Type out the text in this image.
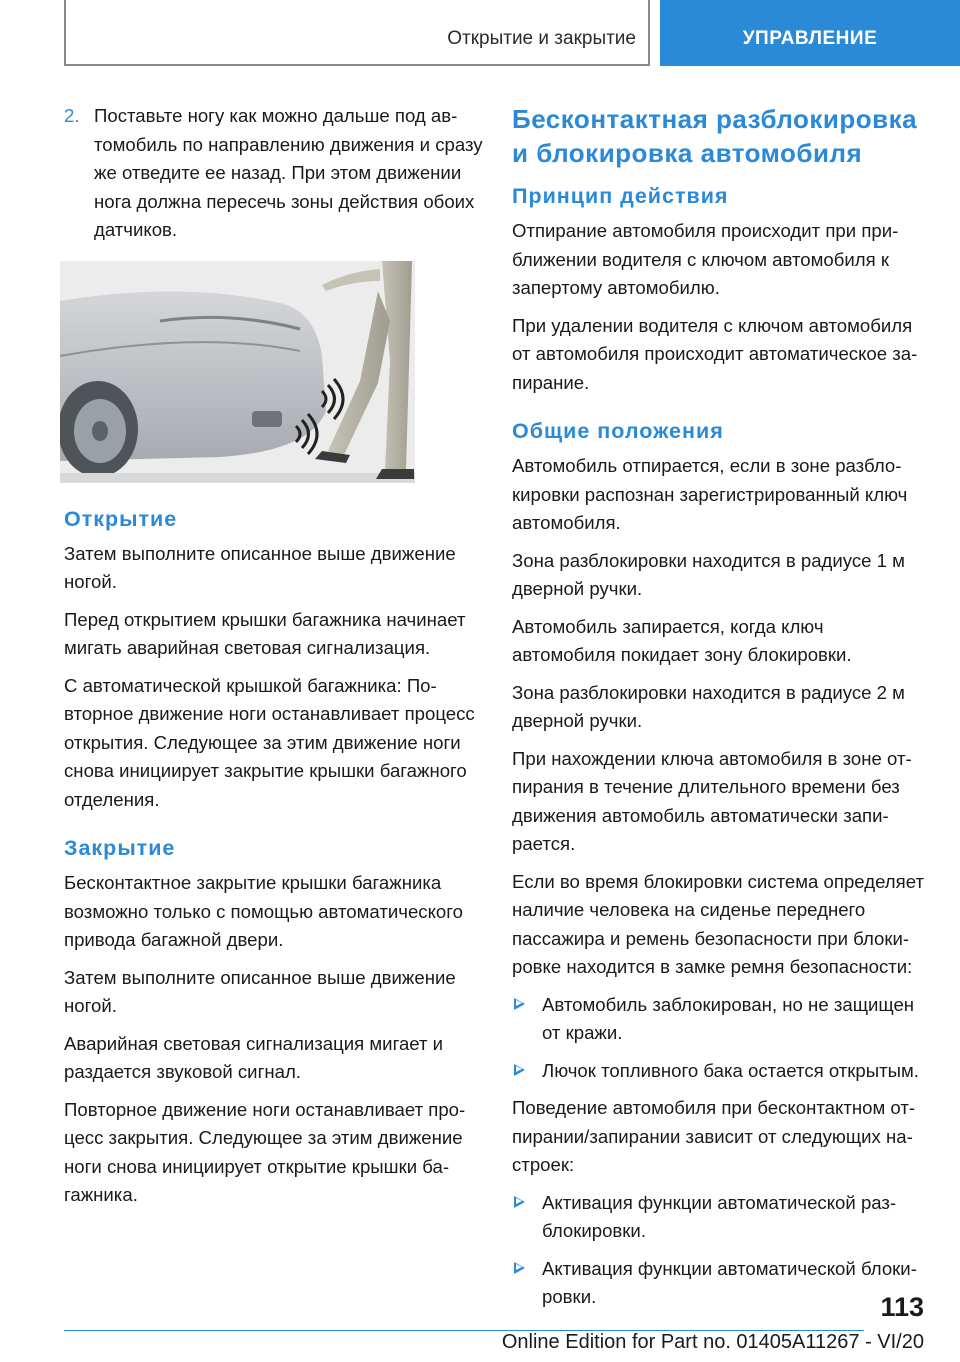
Открытие и закрытие	УПРАВЛЕНИЕ
2. Поставьте ногу как можно дальше под автомобиль по направлению движения и сразу же отведите ее назад. При этом движении нога должна пересечь зоны действия обоих датчиков.
Открытие

Затем выполните описанное выше движение ногой.

Перед открытием крышки багажника начинает мигать аварийная световая сигнализация.

С автоматической крышкой багажника: Повторное движение ноги останавливает процесс открытия. Следующее за этим движение ноги снова инициирует закрытие крышки багажного отделения.

Закрытие

Бесконтактное закрытие крышки багажника возможно только с помощью автоматического привода багажной двери.

Затем выполните описанное выше движение ногой.

Аварийная световая сигнализация мигает и раздается звуковой сигнал.

Повторное движение ноги останавливает процесс закрытия. Следующее за этим движение ноги снова инициирует открытие крышки багажника.

Бесконтактная разблокировка и блокировка автомобиля
Принцип действия

Отпирание автомобиля происходит при приближении водителя с ключом автомобиля к запертому автомобилю.

При удалении водителя с ключом автомобиля от автомобиля происходит автоматическое запирание.

Общие положения

Автомобиль отпирается, если в зоне разблокировки распознан зарегистрированный ключ автомобиля.

Зона разблокировки находится в радиусе 1 м дверной ручки.

Автомобиль запирается, когда ключ автомобиля покидает зону блокировки.

Зона разблокировки находится в радиусе 2 м дверной ручки.

При нахождении ключа автомобиля в зоне отпирания в течение длительного времени без движения автомобиль автоматически запирается.

Если во время блокировки система определяет наличие человека на сиденье переднего пассажира и ремень безопасности при блокировке находится в замке ремня безопасности:

Автомобиль заблокирован, но не защищен от кражи.
Лючок топливного бака остается открытым.

Поведение автомобиля при бесконтактном отпирании/запирании зависит от следующих настроек:

Активация функции автоматической разблокировки.
Активация функции автоматической блокировки.	113
Online Edition for Part no. 01405A11267 - VI/20
